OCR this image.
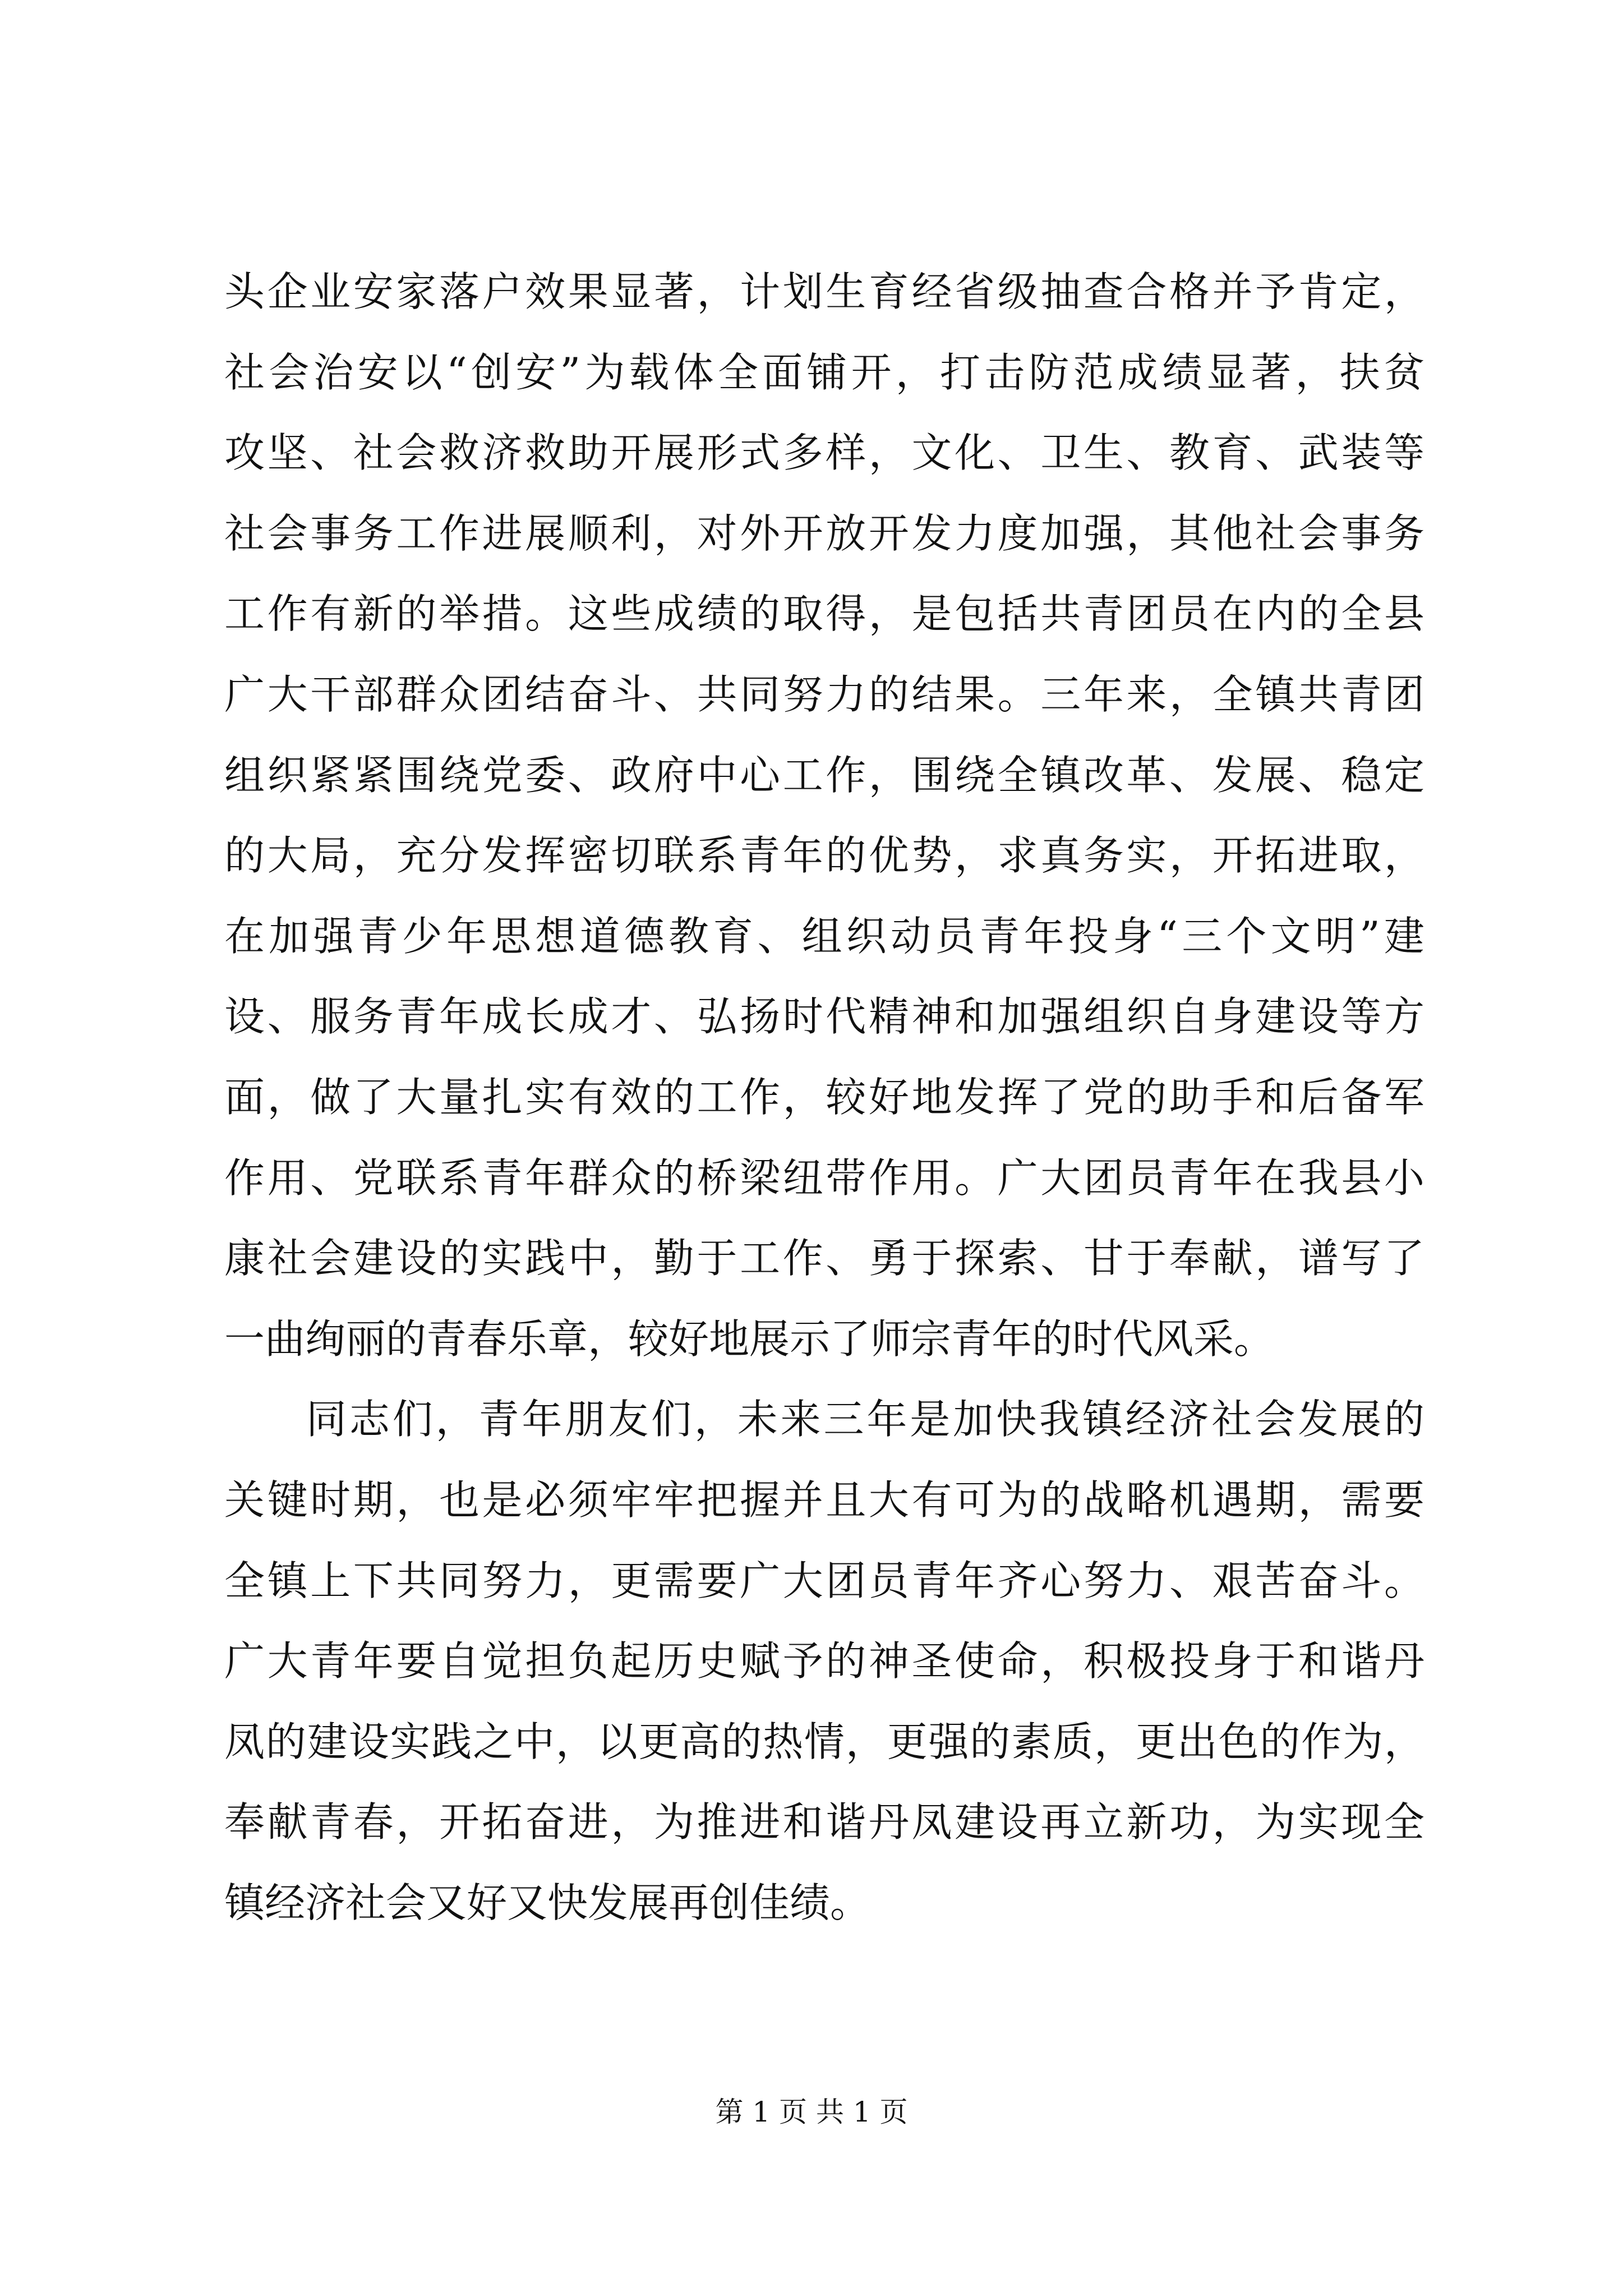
头企业安家落户效果显著，计划生育经省级抽查合格并予肯定，
社会治安以“创安”为载体全面铺开，打击防范成绩显著，扶贫
攻坚、社会救济救助开展形式多样，文化、卫生、教育、武装等
社会事务工作进展顺利，对外开放开发力度加强，其他社会事务
工作有新的举措。这些成绩的取得，是包括共青团员在内的全县
广大干部群众团结奋斗、共同努力的结果。三年来，全镇共青团
组织紧紧围绕党委、政府中心工作，围绕全镇改革、发展、稳定
的大局，充分发挥密切联系青年的优势，求真务实，开拓进取，
在加强青少年思想道德教育、组织动员青年投身“三个文明”建
设、服务青年成长成才、弘扬时代精神和加强组织自身建设等方
面，做了大量扎实有效的工作，较好地发挥了党的助手和后备军
作用、党联系青年群众的桥梁纽带作用。广大团员青年在我县小
康社会建设的实践中，勤于工作、勇于探索、甘于奉献，谱写了
一曲绚丽的青春乐章，较好地展示了师宗青年的时代风采。
同志们，青年朋友们，未来三年是加快我镇经济社会发展的
关键时期，也是必须牢牢把握并且大有可为的战略机遇期，需要
全镇上下共同努力，更需要广大团员青年齐心努力、艰苦奋斗。
广大青年要自觉担负起历史赋予的神圣使命，积极投身于和谐丹
凤的建设实践之中，以更高的热情，更强的素质，更出色的作为，
奉献青春，开拓奋进，为推进和谐丹凤建设再立新功，为实现全
镇经济社会又好又快发展再创佳绩。
第 1 页 共 1 页
